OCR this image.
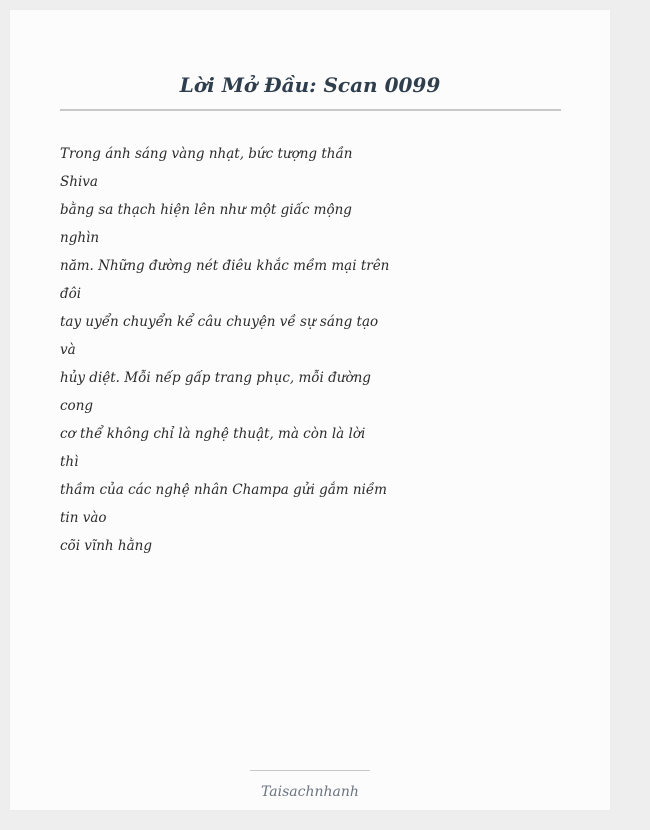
Lời Mở Đầu: Scan 0099
Trong ánh sáng vàng nhạt, bức tượng thần
Shiva
bằng sa thạch hiện lên như một giấc mộng
nghìn
năm. Những đường nét điêu khắc mềm mại trên
đôi
tay uyển chuyển kể câu chuyện về sự sáng tạo
và
hủy diệt. Mỗi nếp gấp trang phục, mỗi đường
cong
cơ thể không chỉ là nghệ thuật, mà còn là lời
thì
thầm của các nghệ nhân Champa gửi gắm niềm
tin vào
cõi vĩnh hằng
Taisachnhanh
